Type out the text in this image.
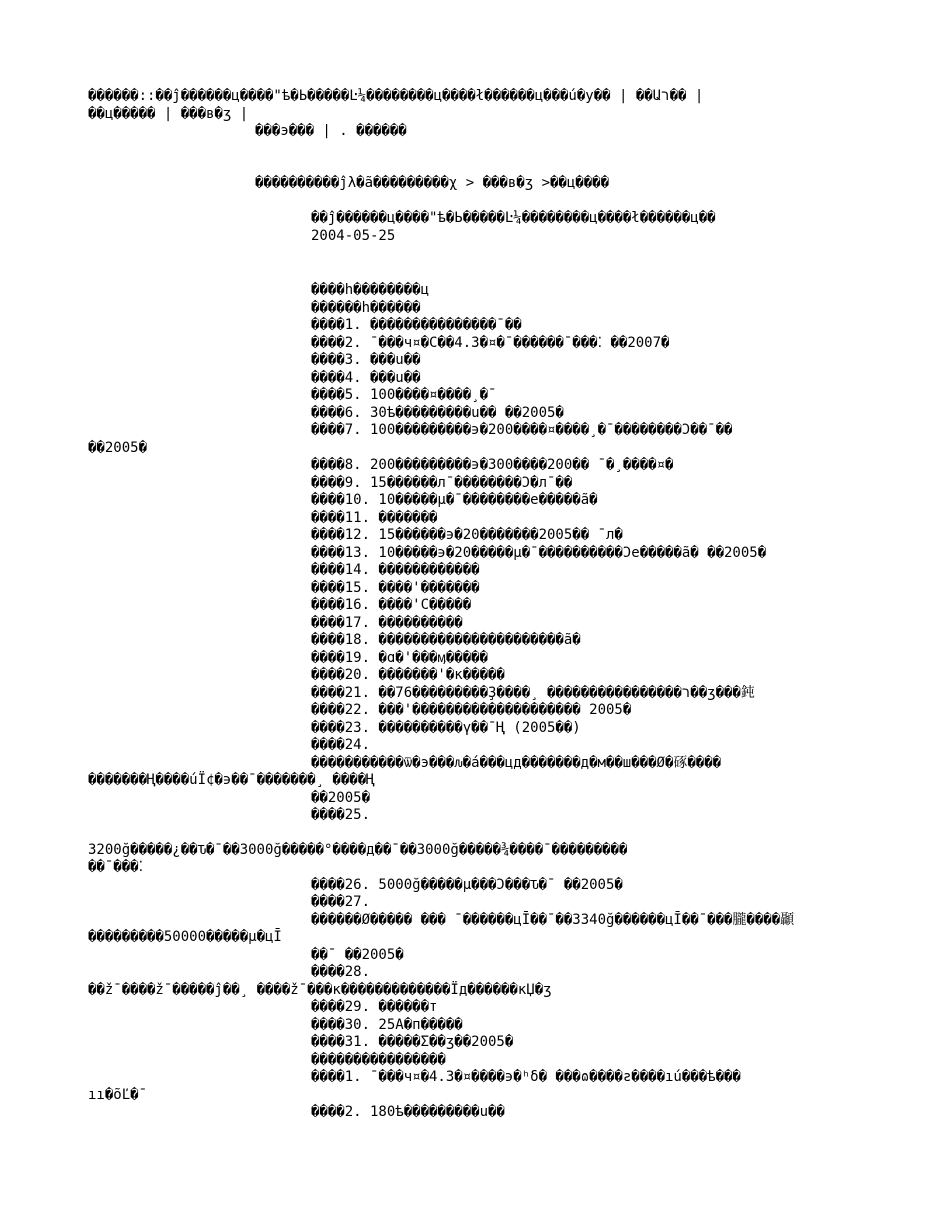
������::��ĵ������ц����"ѣ�Ь�����Ŀ¼��������ц����ł������ц���ú�у�� | ��Աר�� |
��ц����� | ���в�ʒ |
���э��� | . ������
����������ĵλ�ã���������χ > ���в�ʒ >��ц����
��ĵ������ц����"ѣ�Ь�����Ŀ¼��������ц����ł������ц��
2004-05-25
����h��������ц
������h������
����1. ���������������¯��
����2. ¯���ч¤�С��4.3�¤�¯������¯���⁚ ��2007�
����3. ���u��
����4. ���u��
����5. 100����¤����¸�¯
����6. 30ѣ���������u�� ��2005�
����7. 100���������϶�200����¤����¸�¯��������Ͻ��¯��
��2005�
����8. 200���������϶�300����200�� ¯�¸����¤�
����9. 15������л¯��������Ͻ�л¯��
����10. 10�����µ�¯��������е�����ã�
����11. �������
����12. 15������϶�20�������2005�� ¯л�
����13. 10�����϶�20�����µ�¯����������Ͻе�����ã� ��2005�
����14. ������������
����15. ����'�������
����16. ����'С�����
����17. ����������
����18. ����������������������ã�
����19. �ɑ�'���ӎ�����
����20. �������'�к�����
����21. ��76���������Ҙ����¸ ����������������ר��ʒ���鈍
����22. ���'�������������������� 2005�
����23. ����������ү��¯Ң (2005��)
����24.
�����������ѿ�э���ԉ�á���цд�������д�м��ш���Ø�硺����
�������Ң����úÏ¢�϶��¯�������¸ ����Ң
��2005�
����25.
3200ğ�����¿��Ԏ�¯��3000ğ�����°����д��¯��3000ğ�����¾����¯���������
��¯���⁚
����26. 5000ğ�����µ���Ͻ���Ԏ�¯ ��2005�
����27.
������Ø����� ��� ¯������цĪ��¯��3340ğ������цĪ��¯���朧����顳
���������50000�����µ�цĪ
��¯ ��2005�
����28.
��ž¯����ž¯�����ĵ��¸ ����ž¯���к�������������Ϊд������кЏ�ʒ
����29. ������т
����30. 25A�п�����
����31. �����Σ��ʒ��2005�
����������������
����1. ¯���ч¤�4.3�¤����϶�ʰδ� ���ɷ����ƨ����ıú���ѣ���
ıı�õĽ�¯
����2. 180ѣ���������u��
